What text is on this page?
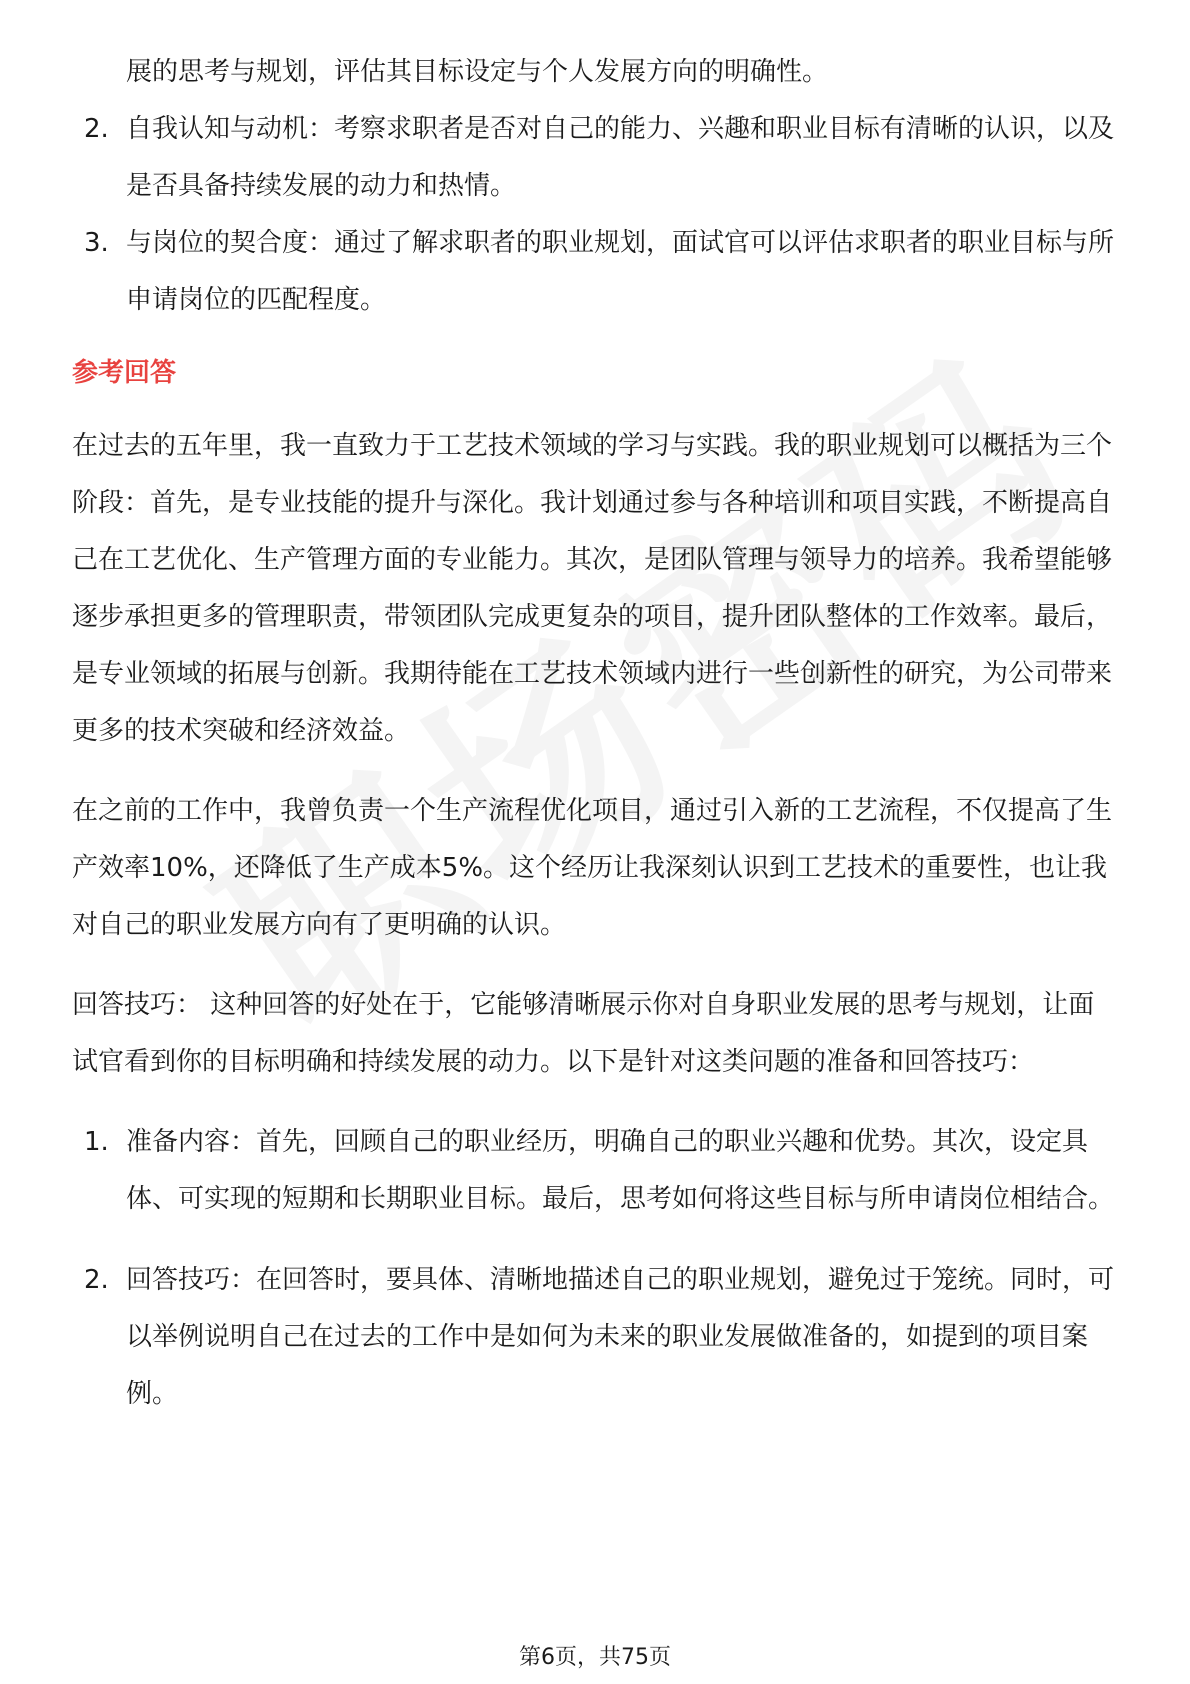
展的思考与规划，评估其目标设定与个人发展方向的明确性。
2. 自我认知与动机：考察求职者是否对自己的能力、兴趣和职业目标有清晰的认识，以及是否具备持续发展的动力和热情。
3. 与岗位的契合度：通过了解求职者的职业规划，面试官可以评估求职者的职业目标与所申请岗位的匹配程度。
参考回答

在过去的五年里，我一直致力于工艺技术领域的学习与实践。我的职业规划可以概括为三个阶段：首先，是专业技能的提升与深化。我计划通过参与各种培训和项目实践，不断提高自己在工艺优化、生产管理方面的专业能力。其次，是团队管理与领导力的培养。我希望能够逐步承担更多的管理职责，带领团队完成更复杂的项目，提升团队整体的工作效率。最后，是专业领域的拓展与创新。我期待能在工艺技术领域内进行一些创新性的研究，为公司带来更多的技术突破和经济效益。

在之前的工作中，我曾负责一个生产流程优化项目，通过引入新的工艺流程，不仅提高了生产效率10%，还降低了生产成本5%。这个经历让我深刻认识到工艺技术的重要性，也让我对自己的职业发展方向有了更明确的认识。

回答技巧： 这种回答的好处在于，它能够清晰展示你对自身职业发展的思考与规划，让面试官看到你的目标明确和持续发展的动力。以下是针对这类问题的准备和回答技巧：

1. 准备内容：首先，回顾自己的职业经历，明确自己的职业兴趣和优势。其次，设定具体、可实现的短期和长期职业目标。最后，思考如何将这些目标与所申请岗位相结合。
2. 回答技巧：在回答时，要具体、清晰地描述自己的职业规划，避免过于笼统。同时，可以举例说明自己在过去的工作中是如何为未来的职业发展做准备的，如提到的项目案例。
第6页，共75页
